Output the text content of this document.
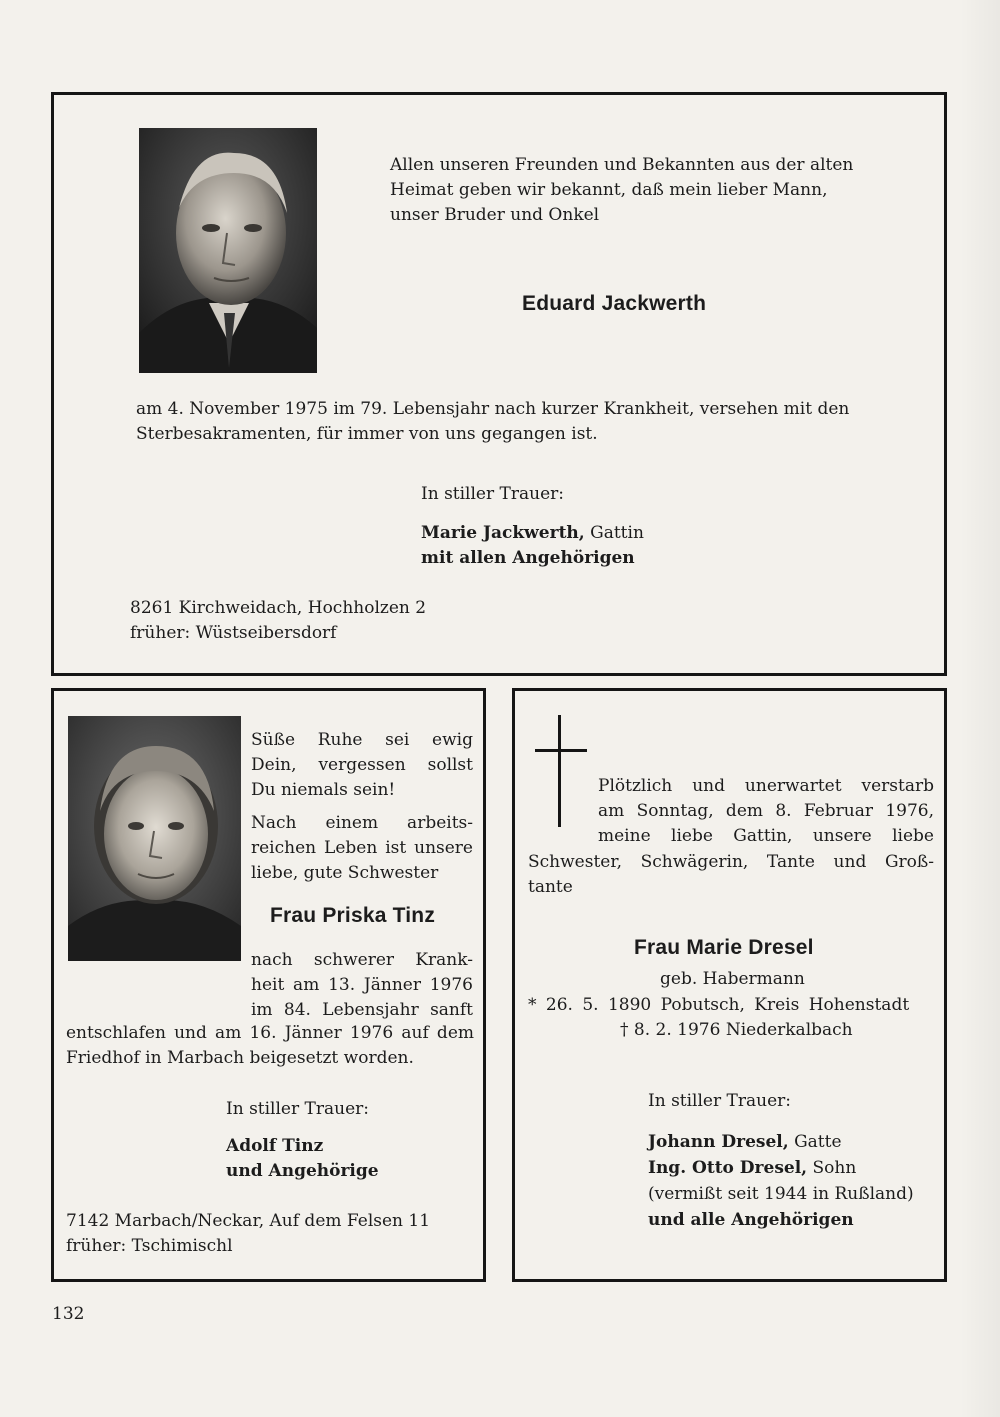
Allen unseren Freunden und Bekannten aus der alten
Heimat geben wir bekannt, daß mein lieber Mann,
unser Bruder und Onkel
Eduard Jackwerth
am 4. November 1975 im 79. Lebensjahr nach kurzer Krankheit, versehen mit den
Sterbesakramenten, für immer von uns gegangen ist.
In stiller Trauer:
Marie Jackwerth, Gattin
mit allen Angehörigen
8261 Kirchweidach, Hochholzen 2
früher: Wüstseibersdorf
Süße Ruhe sei ewig
Dein, vergessen sollst
Du niemals sein!
Nach einem arbeits-
reichen Leben ist unsere
liebe, gute Schwester
Frau Priska Tinz
nach schwerer Krank-
heit am 13. Jänner 1976
im 84. Lebensjahr sanft
entschlafen und am 16. Jänner 1976 auf dem
Friedhof in Marbach beigesetzt worden.
In stiller Trauer:
Adolf Tinz
und Angehörige
7142 Marbach/Neckar, Auf dem Felsen 11
früher: Tschimischl
Plötzlich und unerwartet verstarb
am Sonntag, dem 8. Februar 1976,
meine liebe Gattin, unsere liebe
Schwester, Schwägerin, Tante und Groß-
tante
Frau Marie Dresel
geb. Habermann
* 26. 5. 1890 Pobutsch, Kreis Hohenstadt
† 8. 2. 1976 Niederkalbach
In stiller Trauer:
Johann Dresel, Gatte
Ing. Otto Dresel, Sohn
(vermißt seit 1944 in Rußland)
und alle Angehörigen
132
